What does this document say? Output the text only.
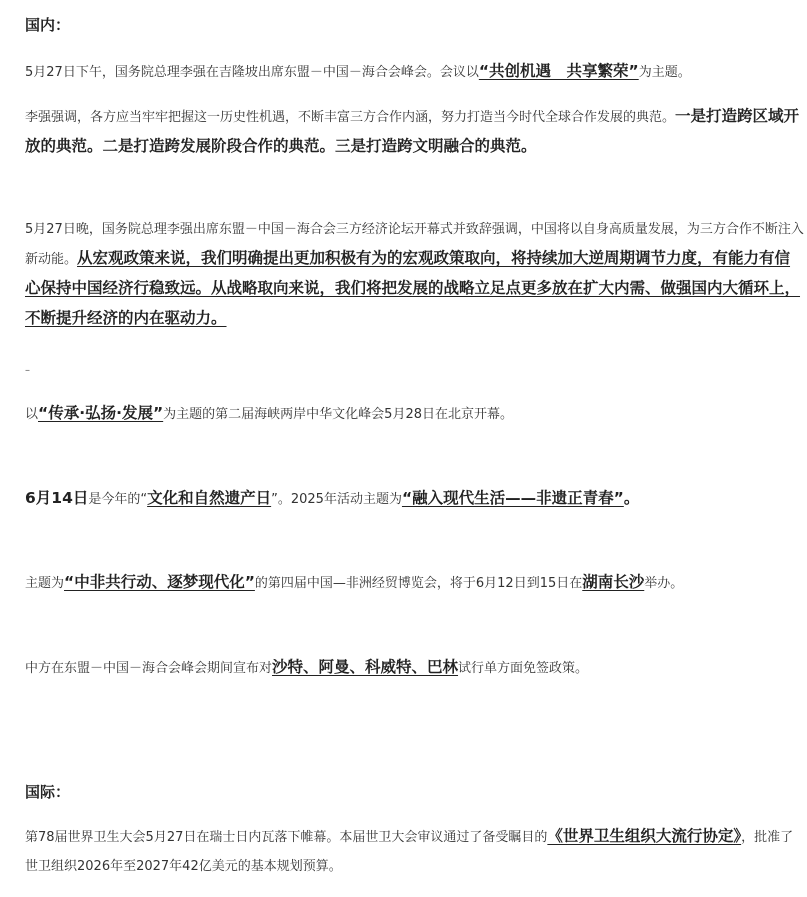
国内：
5月27日下午，国务院总理李强在吉隆坡出席东盟－中国－海合会峰会。会议以“共创机遇　共享繁荣”为主题。
李强强调，各方应当牢牢把握这一历史性机遇，不断丰富三方合作内涵，努力打造当今时代全球合作发展的典范。一是打造跨区域开放的典范。二是打造跨发展阶段合作的典范。三是打造跨文明融合的典范。
5月27日晚，国务院总理李强出席东盟－中国－海合会三方经济论坛开幕式并致辞强调，中国将以自身高质量发展，为三方合作不断注入新动能。从宏观政策来说，我们明确提出更加积极有为的宏观政策取向，将持续加大逆周期调节力度，有能力有信心保持中国经济行稳致远。从战略取向来说，我们将把发展的战略立足点更多放在扩大内需、做强国内大循环上，不断提升经济的内在驱动力。
–
以“传承·弘扬·发展”为主题的第二届海峡两岸中华文化峰会5月28日在北京开幕。
6月14日是今年的“文化和自然遗产日”。2025年活动主题为“融入现代生活——非遗正青春”。
主题为“中非共行动、逐梦现代化”的第四届中国—非洲经贸博览会，将于6月12日到15日在湖南长沙举办。
中方在东盟－中国－海合会峰会期间宣布对沙特、阿曼、科威特、巴林试行单方面免签政策。
国际：
第78届世界卫生大会5月27日在瑞士日内瓦落下帷幕。本届世卫大会审议通过了备受瞩目的《世界卫生组织大流行协定》，批准了世卫组织2026年至2027年42亿美元的基本规划预算。
